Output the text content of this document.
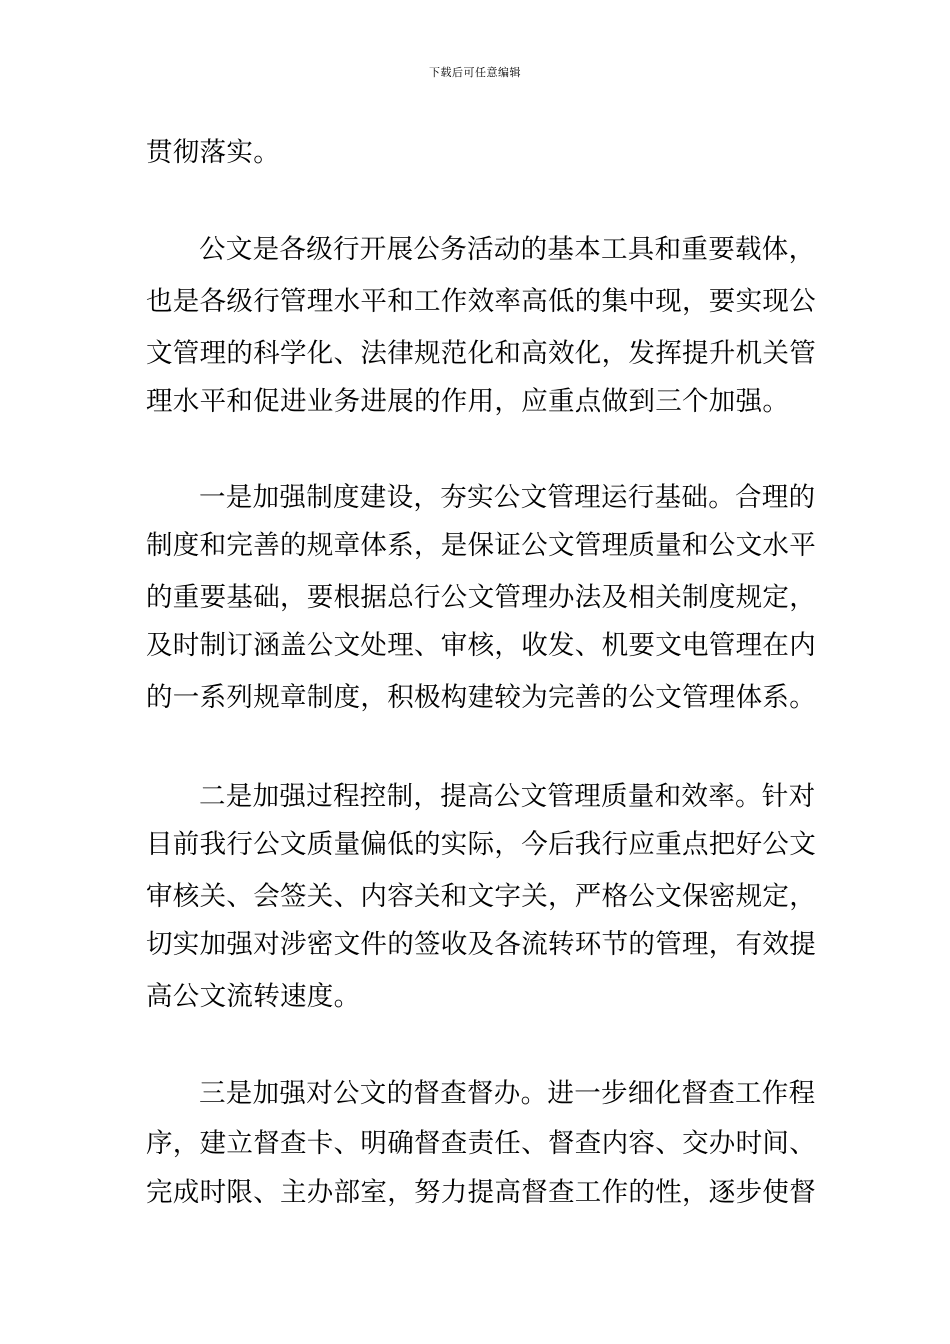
下载后可任意编辑
贯彻落实。
公文是各级行开展公务活动的基本工具和重要载体，
也是各级行管理水平和工作效率高低的集中现，要实现公
文管理的科学化、法律规范化和高效化，发挥提升机关管
理水平和促进业务进展的作用，应重点做到三个加强。
一是加强制度建设，夯实公文管理运行基础。合理的
制度和完善的规章体系，是保证公文管理质量和公文水平
的重要基础，要根据总行公文管理办法及相关制度规定，
及时制订涵盖公文处理、审核，收发、机要文电管理在内
的一系列规章制度，积极构建较为完善的公文管理体系。
二是加强过程控制，提高公文管理质量和效率。针对
目前我行公文质量偏低的实际，今后我行应重点把好公文
审核关、会签关、内容关和文字关，严格公文保密规定，
切实加强对涉密文件的签收及各流转环节的管理，有效提
高公文流转速度。
三是加强对公文的督查督办。进一步细化督查工作程
序，建立督查卡、明确督查责任、督查内容、交办时间、
完成时限、主办部室，努力提高督查工作的性，逐步使督
